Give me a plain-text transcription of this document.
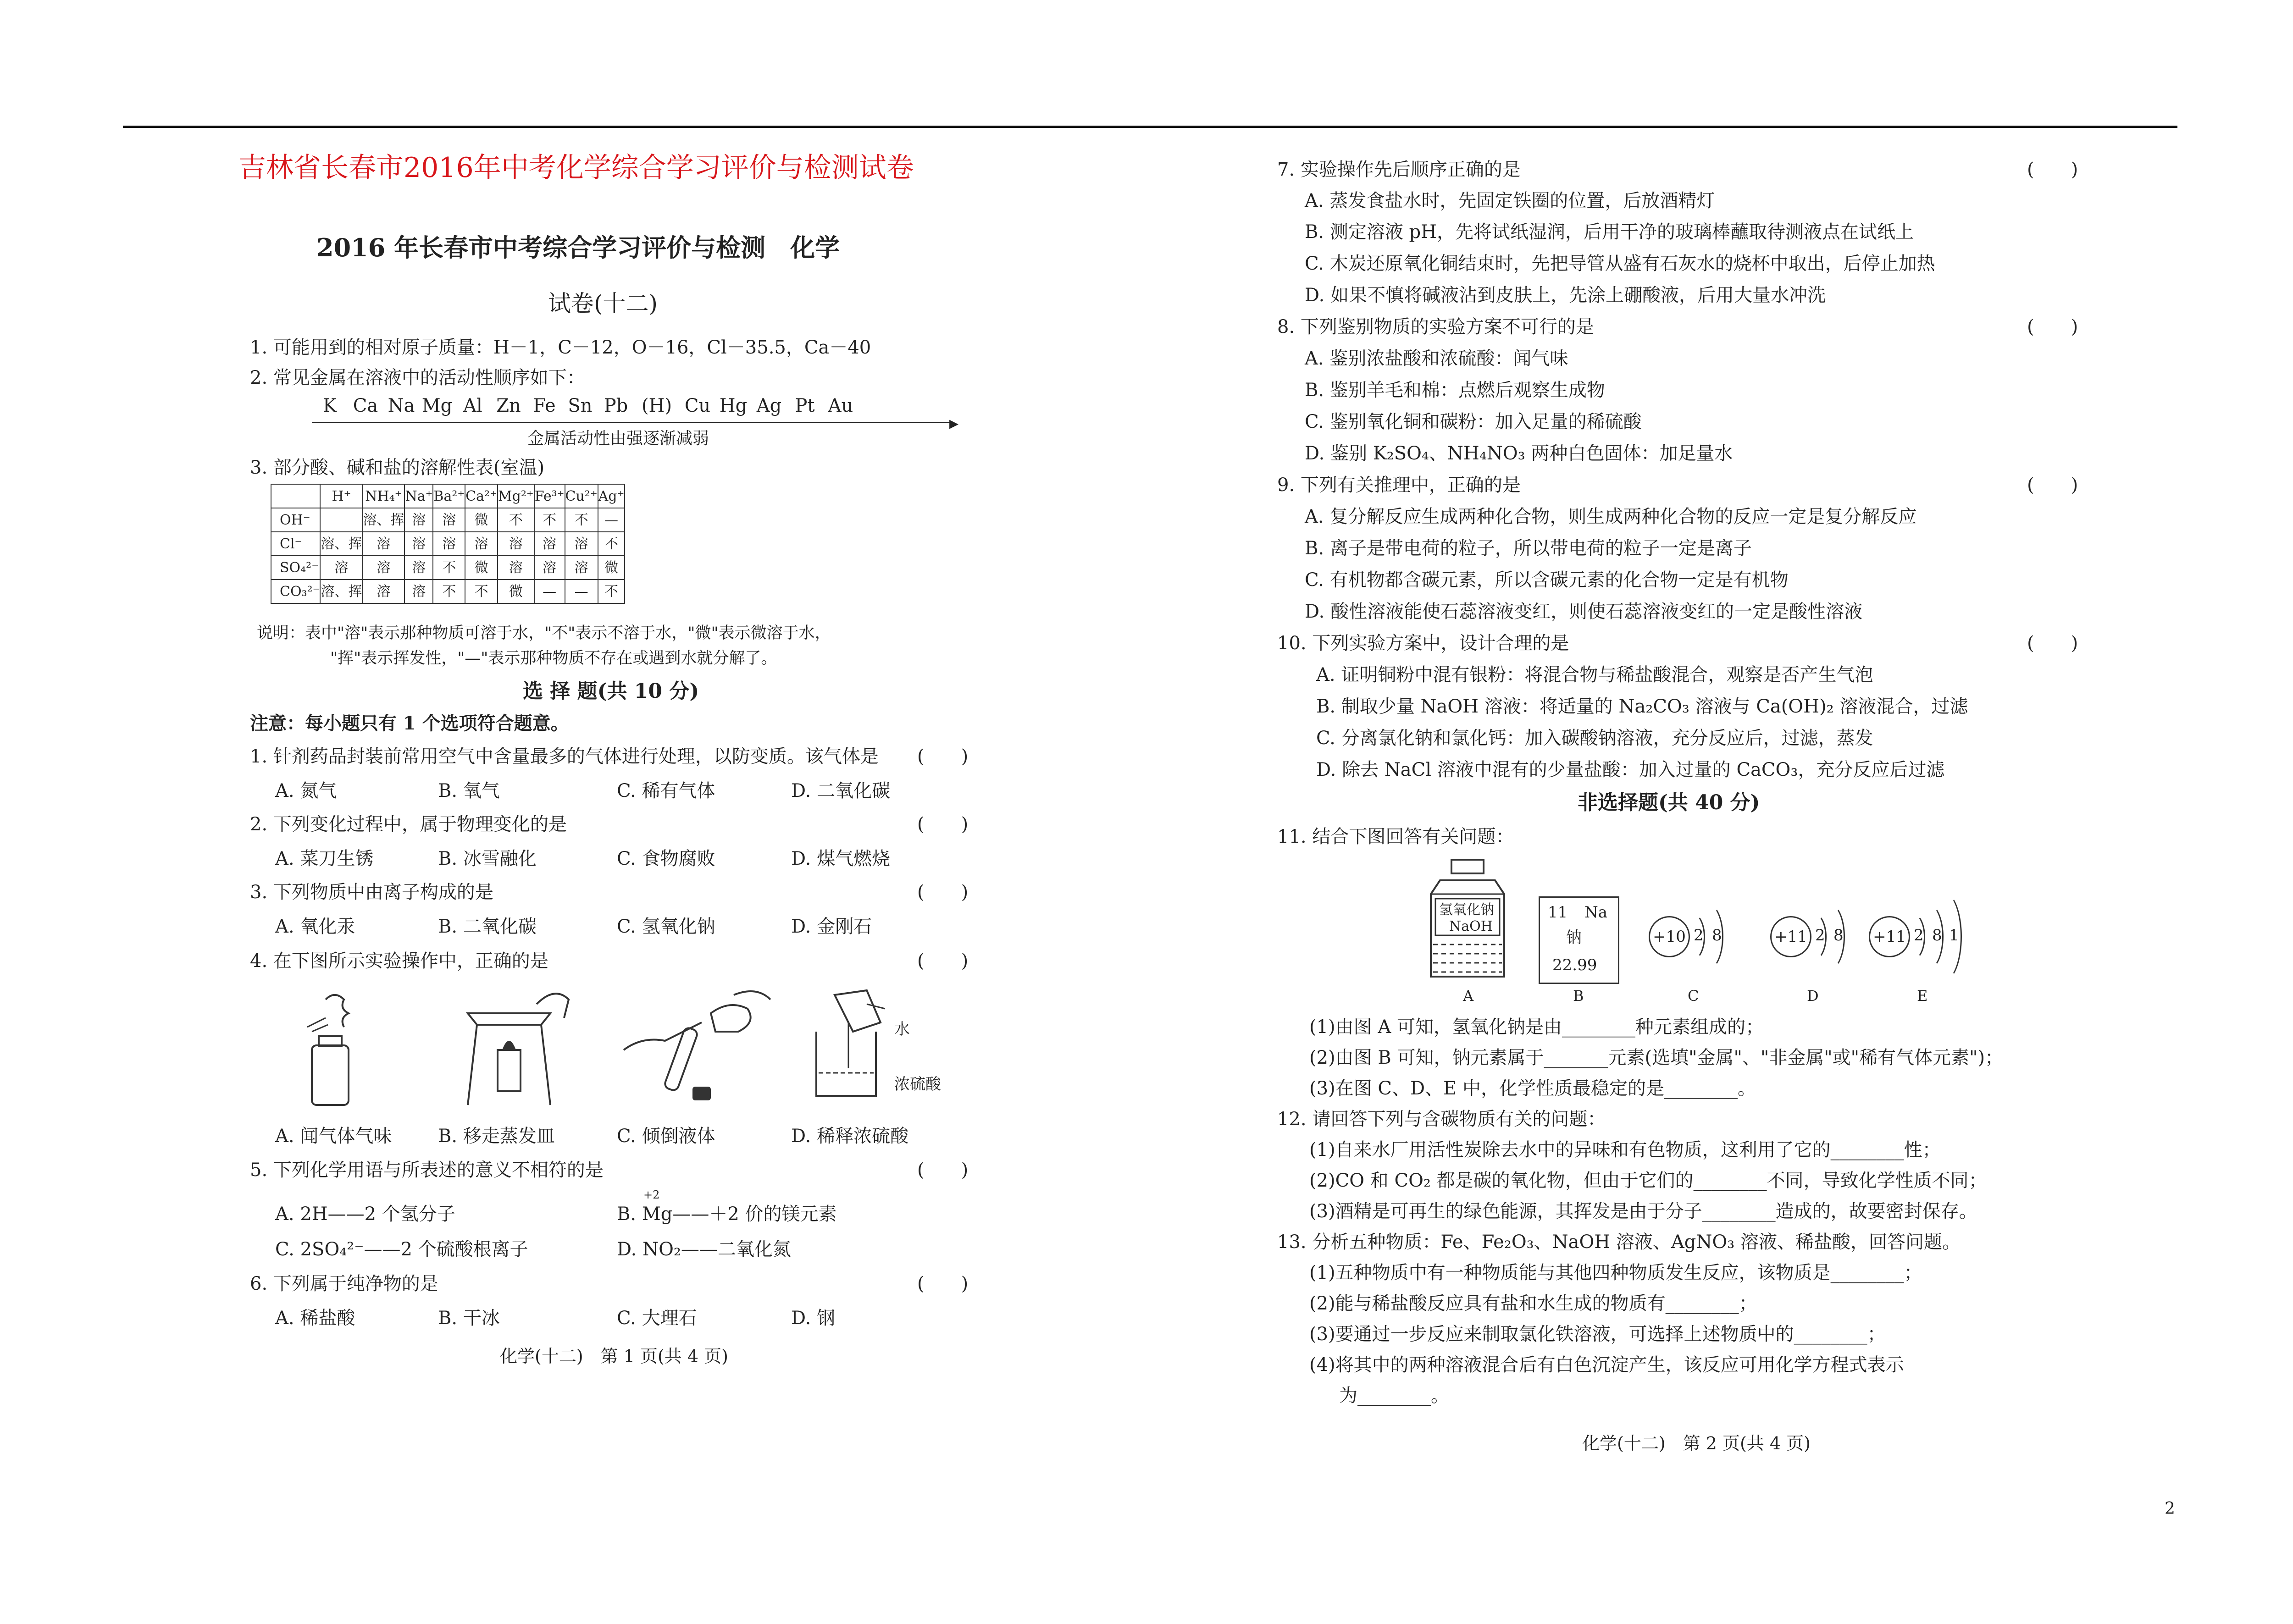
吉林省长春市2016年中考化学综合学习评价与检测试卷
2016 年长春市中考综合学习评价与检测　化学
试卷(十二)
1. 可能用到的相对原子质量：H－1，C－12，O－16，Cl－35.5，Ca－40
2. 常见金属在溶液中的活动性顺序如下：
K Ca Na Mg Al Zn Fe Sn Pb (H) Cu Hg Ag Pt Au
▸
金属活动性由强逐渐减弱
3. 部分酸、碱和盐的溶解性表(室温)
	H⁺	NH₄⁺	Na⁺	Ba²⁺	Ca²⁺	Mg²⁺	Fe³⁺	Cu²⁺	Ag⁺
OH⁻		溶、挥	溶	溶	微	不	不	不	—
Cl⁻	溶、挥	溶	溶	溶	溶	溶	溶	溶	不
SO₄²⁻	溶	溶	溶	不	微	溶	溶	溶	微
CO₃²⁻	溶、挥	溶	溶	不	不	微	—	—	不
说明：表中"溶"表示那种物质可溶于水，"不"表示不溶于水，"微"表示微溶于水，
"挥"表示挥发性，"—"表示那种物质不存在或遇到水就分解了。
选 择 题(共 10 分)
注意：每小题只有 1 个选项符合题意。
1. 针剂药品封装前常用空气中含量最多的气体进行处理，以防变质。该气体是 (　　)
A. 氮气	B. 氧气	C. 稀有气体	D. 二氧化碳
2. 下列变化过程中，属于物理变化的是	(　　)
A. 菜刀生锈	B. 冰雪融化	C. 食物腐败	D. 煤气燃烧
3. 下列物质中由离子构成的是	(　　)
A. 氧化汞	B. 二氧化碳	C. 氢氧化钠	D. 金刚石
4. 在下图所示实验操作中，正确的是	(　　)
水
浓硫酸
A. 闻气体气味	B. 移走蒸发皿	C. 倾倒液体	D. 稀释浓硫酸
5. 下列化学用语与所表述的意义不相符的是	(　　)
A. 2H——2 个氢分子
+2
B. Mg——＋2 价的镁元素
C. 2SO₄²⁻——2 个硫酸根离子	D. NO₂——二氧化氮
6. 下列属于纯净物的是	(　　)
A. 稀盐酸	B. 干冰	C. 大理石	D. 钢
化学(十二)　第 1 页(共 4 页)
7. 实验操作先后顺序正确的是	(　　)
A. 蒸发食盐水时，先固定铁圈的位置，后放酒精灯
B. 测定溶液 pH，先将试纸湿润，后用干净的玻璃棒蘸取待测液点在试纸上
C. 木炭还原氧化铜结束时，先把导管从盛有石灰水的烧杯中取出，后停止加热
D. 如果不慎将碱液沾到皮肤上，先涂上硼酸液，后用大量水冲洗
8. 下列鉴别物质的实验方案不可行的是	(　　)
A. 鉴别浓盐酸和浓硫酸：闻气味
B. 鉴别羊毛和棉：点燃后观察生成物
C. 鉴别氧化铜和碳粉：加入足量的稀硫酸
D. 鉴别 K₂SO₄、NH₄NO₃ 两种白色固体：加足量水
9. 下列有关推理中，正确的是	(　　)
A. 复分解反应生成两种化合物，则生成两种化合物的反应一定是复分解反应
B. 离子是带电荷的粒子，所以带电荷的粒子一定是离子
C. 有机物都含碳元素，所以含碳元素的化合物一定是有机物
D. 酸性溶液能使石蕊溶液变红，则使石蕊溶液变红的一定是酸性溶液
10. 下列实验方案中，设计合理的是	(　　)
A. 证明铜粉中混有银粉：将混合物与稀盐酸混合，观察是否产生气泡
B. 制取少量 NaOH 溶液：将适量的 Na₂CO₃ 溶液与 Ca(OH)₂ 溶液混合，过滤
C. 分离氯化钠和氯化钙：加入碳酸钠溶液，充分反应后，过滤，蒸发
D. 除去 NaCl 溶液中混有的少量盐酸：加入过量的 CaCO₃，充分反应后过滤
非选择题(共 40 分)
11. 结合下图回答有关问题：
氢氧化钠
NaOH
11 Na
钠
22.99
+10 2 8	+11 2 8 +11 2 8 1
A	B	C	D	E
(1)由图 A 可知，氢氧化钠是由________种元素组成的；
(2)由图 B 可知，钠元素属于_______元素(选填"金属"、"非金属"或"稀有气体元素")；
(3)在图 C、D、E 中，化学性质最稳定的是________。
12. 请回答下列与含碳物质有关的问题：
(1)自来水厂用活性炭除去水中的异味和有色物质，这利用了它的________性；
(2)CO 和 CO₂ 都是碳的氧化物，但由于它们的________不同，导致化学性质不同；
(3)酒精是可再生的绿色能源，其挥发是由于分子________造成的，故要密封保存。
13. 分析五种物质：Fe、Fe₂O₃、NaOH 溶液、AgNO₃ 溶液、稀盐酸，回答问题。
(1)五种物质中有一种物质能与其他四种物质发生反应，该物质是________；
(2)能与稀盐酸反应具有盐和水生成的物质有________；
(3)要通过一步反应来制取氯化铁溶液，可选择上述物质中的________；
(4)将其中的两种溶液混合后有白色沉淀产生，该反应可用化学方程式表示
为________。
化学(十二)　第 2 页(共 4 页)
2
